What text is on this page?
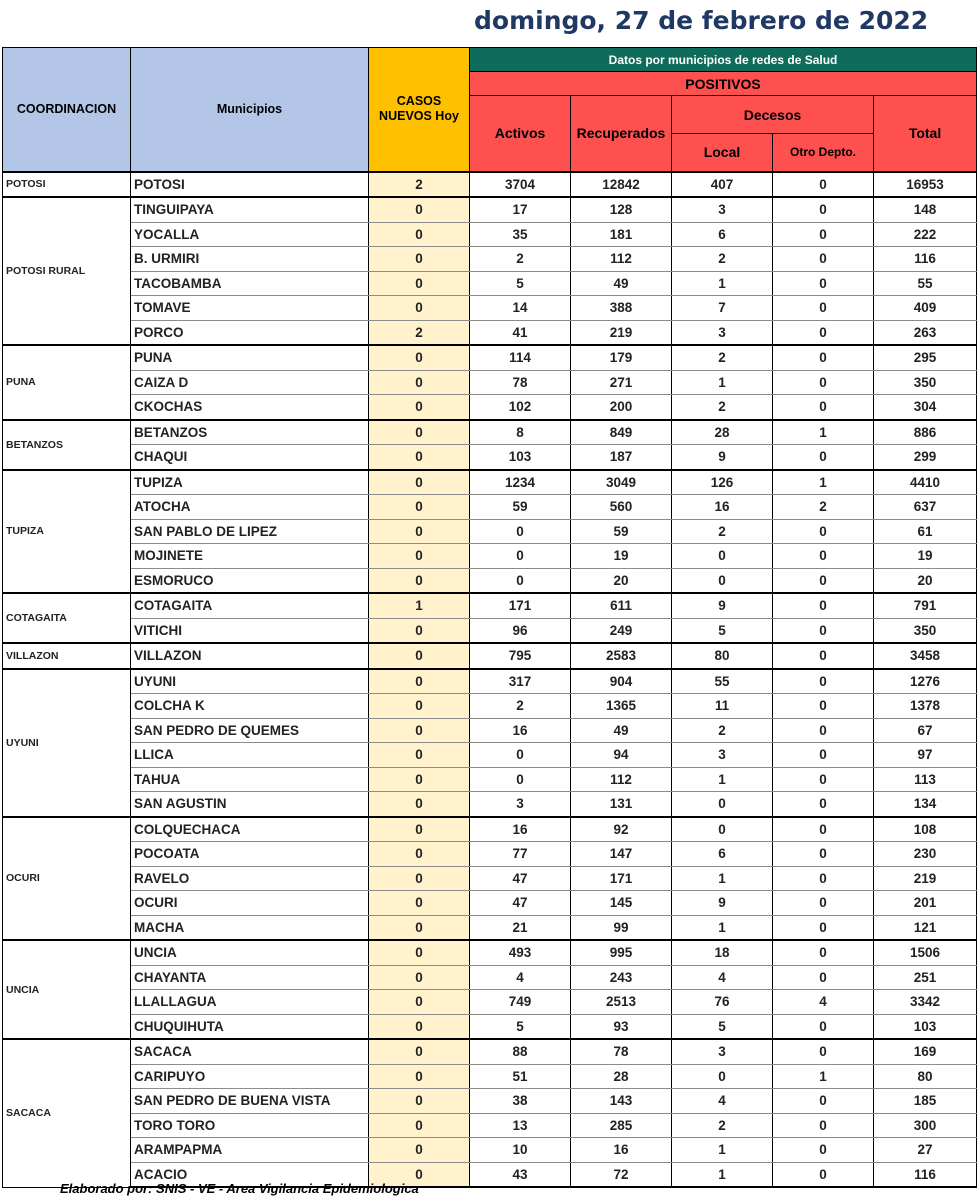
domingo, 27 de febrero de 2022
COORDINACION	Municipios	CASOS NUEVOS Hoy	Datos por municipios de redes de Salud				
			POSITIVOS				
			Activos	Recuperados	Decesos		Total
					Local	Otro Depto.	
POTOSI	POTOSI	2	3704	12842	407	0	16953
POTOSI RURAL	TINGUIPAYA	0	17	128	3	0	148
	YOCALLA	0	35	181	6	0	222
	B. URMIRI	0	2	112	2	0	116
	TACOBAMBA	0	5	49	1	0	55
	TOMAVE	0	14	388	7	0	409
	PORCO	2	41	219	3	0	263
PUNA	PUNA	0	114	179	2	0	295
	CAIZA D	0	78	271	1	0	350
	CKOCHAS	0	102	200	2	0	304
BETANZOS	BETANZOS	0	8	849	28	1	886
	CHAQUI	0	103	187	9	0	299
TUPIZA	TUPIZA	0	1234	3049	126	1	4410
	ATOCHA	0	59	560	16	2	637
	SAN PABLO DE LIPEZ	0	0	59	2	0	61
	MOJINETE	0	0	19	0	0	19
	ESMORUCO	0	0	20	0	0	20
COTAGAITA	COTAGAITA	1	171	611	9	0	791
	VITICHI	0	96	249	5	0	350
VILLAZON	VILLAZON	0	795	2583	80	0	3458
UYUNI	UYUNI	0	317	904	55	0	1276
	COLCHA K	0	2	1365	11	0	1378
	SAN PEDRO DE QUEMES	0	16	49	2	0	67
	LLICA	0	0	94	3	0	97
	TAHUA	0	0	112	1	0	113
	SAN AGUSTIN	0	3	131	0	0	134
OCURI	COLQUECHACA	0	16	92	0	0	108
	POCOATA	0	77	147	6	0	230
	RAVELO	0	47	171	1	0	219
	OCURI	0	47	145	9	0	201
	MACHA	0	21	99	1	0	121
UNCIA	UNCIA	0	493	995	18	0	1506
	CHAYANTA	0	4	243	4	0	251
	LLALLAGUA	0	749	2513	76	4	3342
	CHUQUIHUTA	0	5	93	5	0	103
SACACA	SACACA	0	88	78	3	0	169
	CARIPUYO	0	51	28	0	1	80
	SAN PEDRO DE BUENA VISTA	0	38	143	4	0	185
	TORO TORO	0	13	285	2	0	300
	ARAMPAPMA	0	10	16	1	0	27
	ACACIO	0	43	72	1	0	116
Elaborado por: SNIS - VE - Area Vigilancia Epidemiologica
